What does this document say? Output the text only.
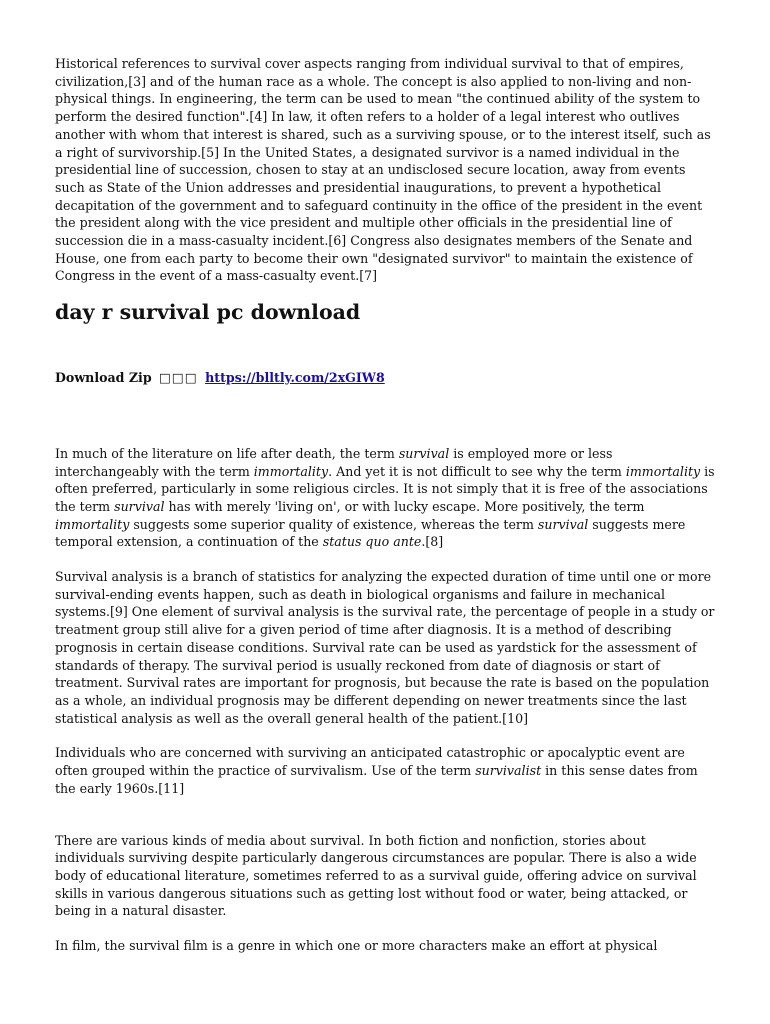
Historical references to survival cover aspects ranging from individual survival to that of empires, civilization,[3] and of the human race as a whole. The concept is also applied to non-living and non-physical things. In engineering, the term can be used to mean "the continued ability of the system to perform the desired function".[4] In law, it often refers to a holder of a legal interest who outlives another with whom that interest is shared, such as a surviving spouse, or to the interest itself, such as a right of survivorship.[5] In the United States, a designated survivor is a named individual in the presidential line of succession, chosen to stay at an undisclosed secure location, away from events such as State of the Union addresses and presidential inaugurations, to prevent a hypothetical decapitation of the government and to safeguard continuity in the office of the president in the event the president along with the vice president and multiple other officials in the presidential line of succession die in a mass-casualty incident.[6] Congress also designates members of the Senate and House, one from each party to become their own "designated survivor" to maintain the existence of Congress in the event of a mass-casualty event.[7]

day r survival pc download
Download Zip □□□ https://blltly.com/2xGIW8

In much of the literature on life after death, the term survival is employed more or less interchangeably with the term immortality. And yet it is not difficult to see why the term immortality is often preferred, particularly in some religious circles. It is not simply that it is free of the associations the term survival has with merely 'living on', or with lucky escape. More positively, the term immortality suggests some superior quality of existence, whereas the term survival suggests mere temporal extension, a continuation of the status quo ante.[8]

Survival analysis is a branch of statistics for analyzing the expected duration of time until one or more survival-ending events happen, such as death in biological organisms and failure in mechanical systems.[9] One element of survival analysis is the survival rate, the percentage of people in a study or treatment group still alive for a given period of time after diagnosis. It is a method of describing prognosis in certain disease conditions. Survival rate can be used as yardstick for the assessment of standards of therapy. The survival period is usually reckoned from date of diagnosis or start of treatment. Survival rates are important for prognosis, but because the rate is based on the population as a whole, an individual prognosis may be different depending on newer treatments since the last statistical analysis as well as the overall general health of the patient.[10]

Individuals who are concerned with surviving an anticipated catastrophic or apocalyptic event are often grouped within the practice of survivalism. Use of the term survivalist in this sense dates from the early 1960s.[11]

There are various kinds of media about survival. In both fiction and nonfiction, stories about individuals surviving despite particularly dangerous circumstances are popular. There is also a wide body of educational literature, sometimes referred to as a survival guide, offering advice on survival skills in various dangerous situations such as getting lost without food or water, being attacked, or being in a natural disaster.

In film, the survival film is a genre in which one or more characters make an effort at physical
